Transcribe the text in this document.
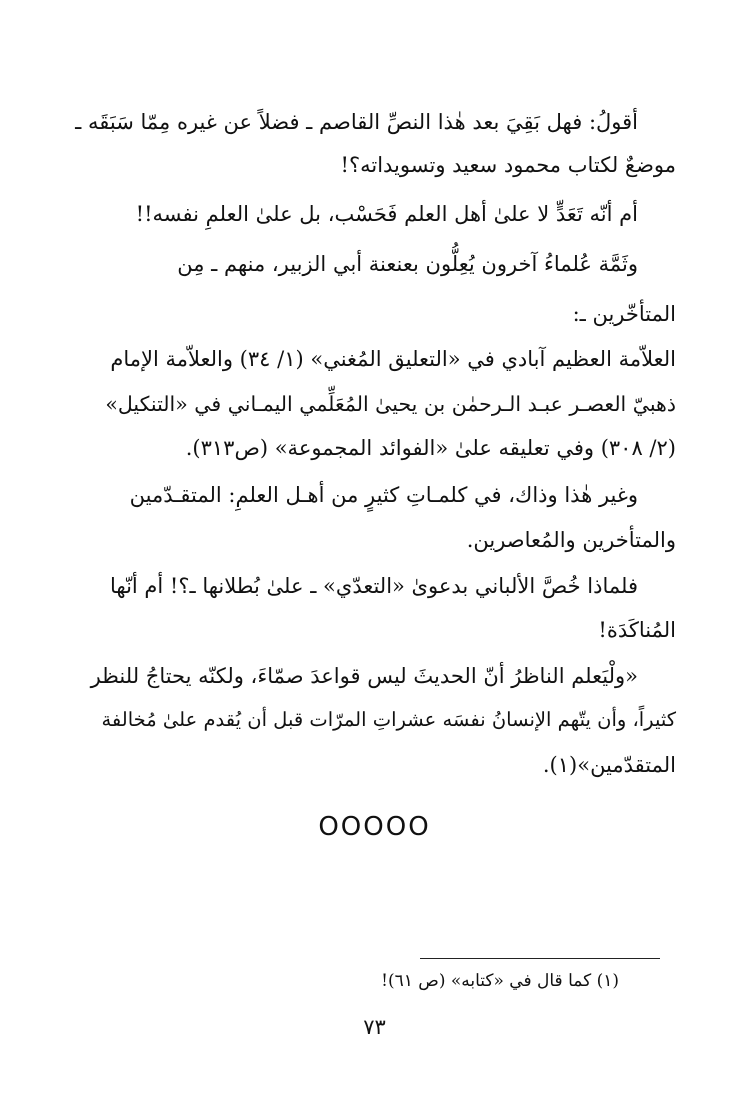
أقولُ: فهل بَقِيَ بعد هٰذا النصِّ القاصم ـ فضلاً عن غيره مِمّا سَبَقَه ـ
موضعٌ لكتاب محمود سعيد وتسويداته؟!
أم أنّه تَعَدٍّ لا علىٰ أهل العلم فَحَسْب، بل علىٰ العلمِ نفسه!!
وثَمَّة عُلماءُ آخرون يُعِلُّون بعنعنة أبي الزبير، منهم ـ مِن
المتأخّرين ـ:
العلاّمة العظيم آبادي في «التعليق المُغني» (١/ ٣٤) والعلاّمة الإمام
ذهبيّ العصـر عبـد الـرحمٰن بن يحيىٰ المُعَلِّمي اليمـاني في «التنكيل»
(٢/ ٣٠٨) وفي تعليقه علىٰ «الفوائد المجموعة» (ص٣١٣).
وغير هٰذا وذاك، في كلمـاتِ كثيرٍ من أهـل العلمِ: المتقـدّمين
والمتأخرين والمُعاصرين.
فلماذا خُصَّ الألباني بدعوىٰ «التعدّي» ـ علىٰ بُطلانها ـ؟! أم أنّها
المُناكَدَة!
«ولْيَعلم الناظرُ أنّ الحديثَ ليس قواعدَ صمّاءَ، ولكنّه يحتاجُ للنظر
كثيراً، وأن يتّهم الإنسانُ نفسَه عشراتِ المرّات قبل أن يُقدم علىٰ مُخالفة
المتقدّمين»(١).
OOOOO
(١) كما قال في «كتابه» (ص ٦١)!
٧٣
